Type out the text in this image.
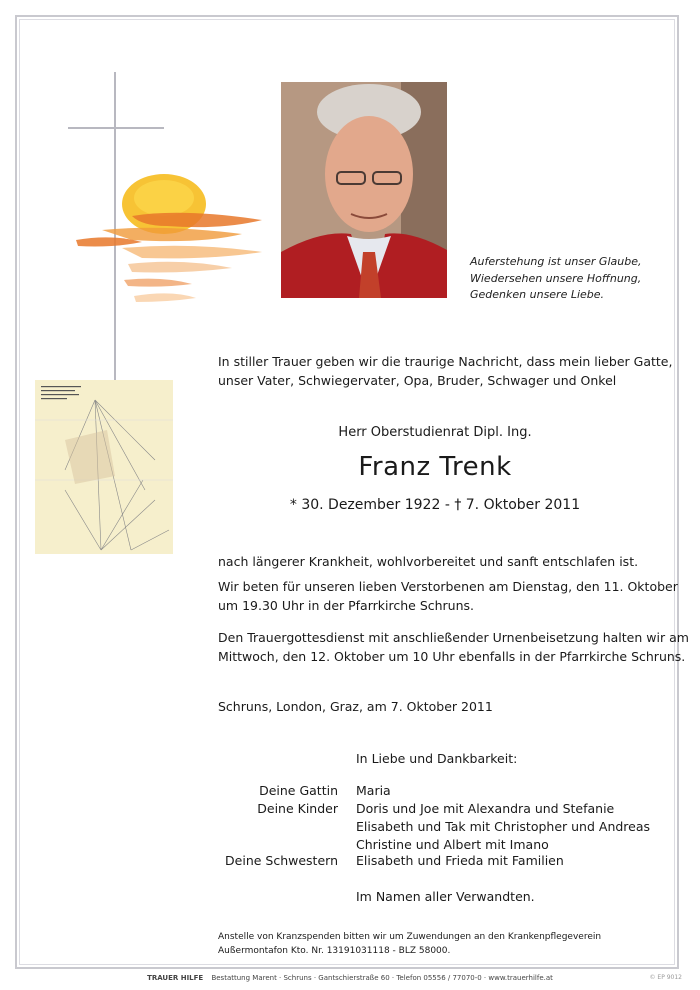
Auferstehung ist unser Glaube,
Wiedersehen unsere Hoffnung,
Gedenken unsere Liebe.
In stiller Trauer geben wir die traurige Nachricht, dass mein lieber Gatte,
unser Vater, Schwiegervater, Opa, Bruder, Schwager und Onkel
Herr Oberstudienrat Dipl. Ing.
Franz Trenk
* 30. Dezember 1922 - † 7. Oktober 2011
nach längerer Krankheit, wohlvorbereitet und sanft entschlafen ist.
Wir beten für unseren lieben Verstorbenen am Dienstag, den 11. Oktober
um 19.30 Uhr in der Pfarrkirche Schruns.
Den Trauergottesdienst mit anschließender Urnenbeisetzung halten wir am
Mittwoch, den 12. Oktober um 10 Uhr ebenfalls in der Pfarrkirche Schruns.
Schruns, London, Graz, am 7. Oktober 2011
In Liebe und Dankbarkeit:
Deine Gattin Maria
Deine Kinder Doris und Joe mit Alexandra und Stefanie
Elisabeth und Tak mit Christopher und Andreas
Christine und Albert mit Imano
Deine Schwestern Elisabeth und Frieda mit Familien
Im Namen aller Verwandten.
Anstelle von Kranzspenden bitten wir um Zuwendungen an den Krankenpflegeverein
Außermontafon Kto. Nr. 13191031118 - BLZ 58000.
TRAUER HILFE Bestattung Marent · Schruns · Gantschierstraße 60 · Telefon 05556 / 77070-0 · www.trauerhilfe.at	© EP 9012
